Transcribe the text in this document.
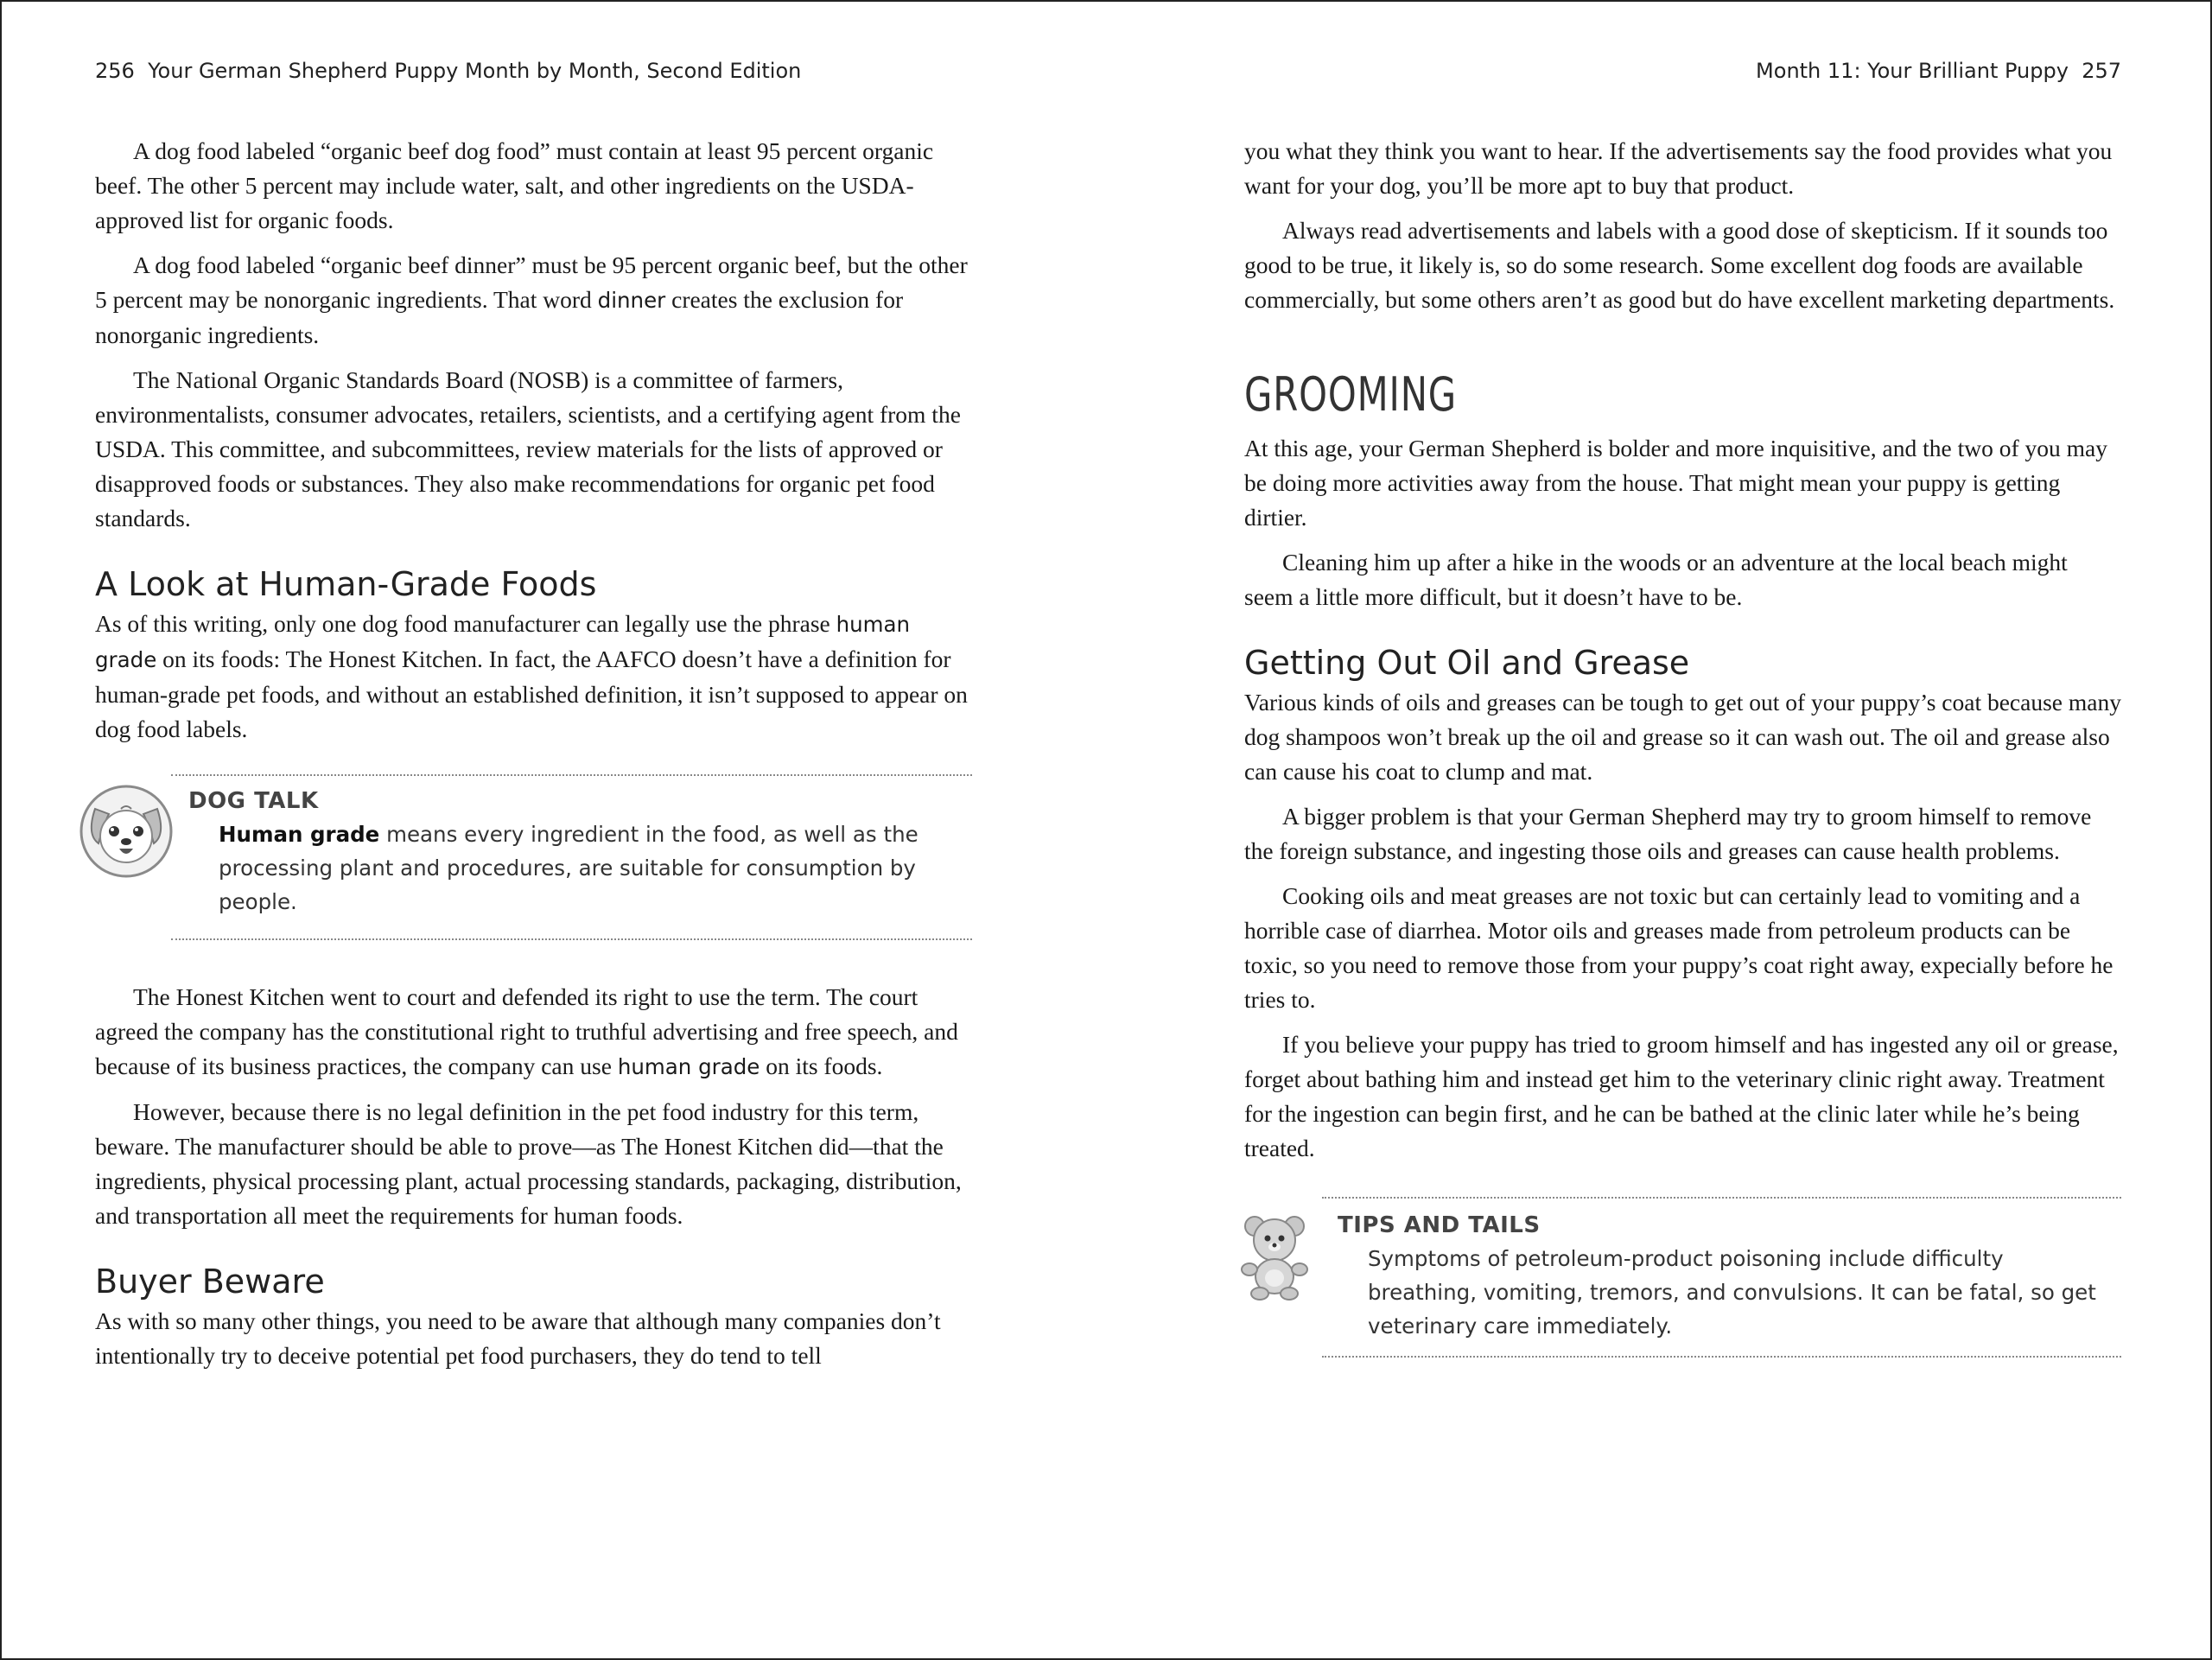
256 Your German Shepherd Puppy Month by Month, Second Edition

A dog food labeled “organic beef dog food” must contain at least 95 percent organic beef. The other 5 percent may include water, salt, and other ingredients on the USDA-approved list for organic foods.

A dog food labeled “organic beef dinner” must be 95 percent organic beef, but the other 5 percent may be nonorganic ingredients. That word dinner creates the exclusion for nonorganic ingredients.

The National Organic Standards Board (NOSB) is a committee of farmers, environmentalists, consumer advocates, retailers, scientists, and a certifying agent from the USDA. This committee, and subcommittees, review materials for the lists of approved or disapproved foods or substances. They also make recommendations for organic pet food standards.

A Look at Human-Grade Foods

As of this writing, only one dog food manufacturer can legally use the phrase human grade on its foods: The Honest Kitchen. In fact, the AAFCO doesn’t have a definition for human-grade pet foods, and without an established definition, it isn’t supposed to appear on dog food labels.

DOG TALK
Human grade means every ingredient in the food, as well as the processing plant and procedures, are suitable for consumption by people.

The Honest Kitchen went to court and defended its right to use the term. The court agreed the company has the constitutional right to truthful advertising and free speech, and because of its business practices, the company can use human grade on its foods.

However, because there is no legal definition in the pet food industry for this term, beware. The manufacturer should be able to prove—as The Honest Kitchen did—that the ingredients, physical processing plant, actual processing standards, packaging, distribution, and transportation all meet the requirements for human foods.

Buyer Beware

As with so many other things, you need to be aware that although many companies don’t intentionally try to deceive potential pet food purchasers, they do tend to tell

Month 11: Your Brilliant Puppy 257

you what they think you want to hear. If the advertisements say the food provides what you want for your dog, you’ll be more apt to buy that product.

Always read advertisements and labels with a good dose of skepticism. If it sounds too good to be true, it likely is, so do some research. Some excellent dog foods are available commercially, but some others aren’t as good but do have excellent marketing departments.

GROOMING

At this age, your German Shepherd is bolder and more inquisitive, and the two of you may be doing more activities away from the house. That might mean your puppy is getting dirtier.

Cleaning him up after a hike in the woods or an adventure at the local beach might seem a little more difficult, but it doesn’t have to be.

Getting Out Oil and Grease

Various kinds of oils and greases can be tough to get out of your puppy’s coat because many dog shampoos won’t break up the oil and grease so it can wash out. The oil and grease also can cause his coat to clump and mat.

A bigger problem is that your German Shepherd may try to groom himself to remove the foreign substance, and ingesting those oils and greases can cause health problems.

Cooking oils and meat greases are not toxic but can certainly lead to vomiting and a horrible case of diarrhea. Motor oils and greases made from petroleum products can be toxic, so you need to remove those from your puppy’s coat right away, expecially before he tries to.

If you believe your puppy has tried to groom himself and has ingested any oil or grease, forget about bathing him and instead get him to the veterinary clinic right away. Treatment for the ingestion can begin first, and he can be bathed at the clinic later while he’s being treated.

TIPS AND TAILS
Symptoms of petroleum-product poisoning include difficulty breathing, vomiting, tremors, and convulsions. It can be fatal, so get veterinary care immediately.
